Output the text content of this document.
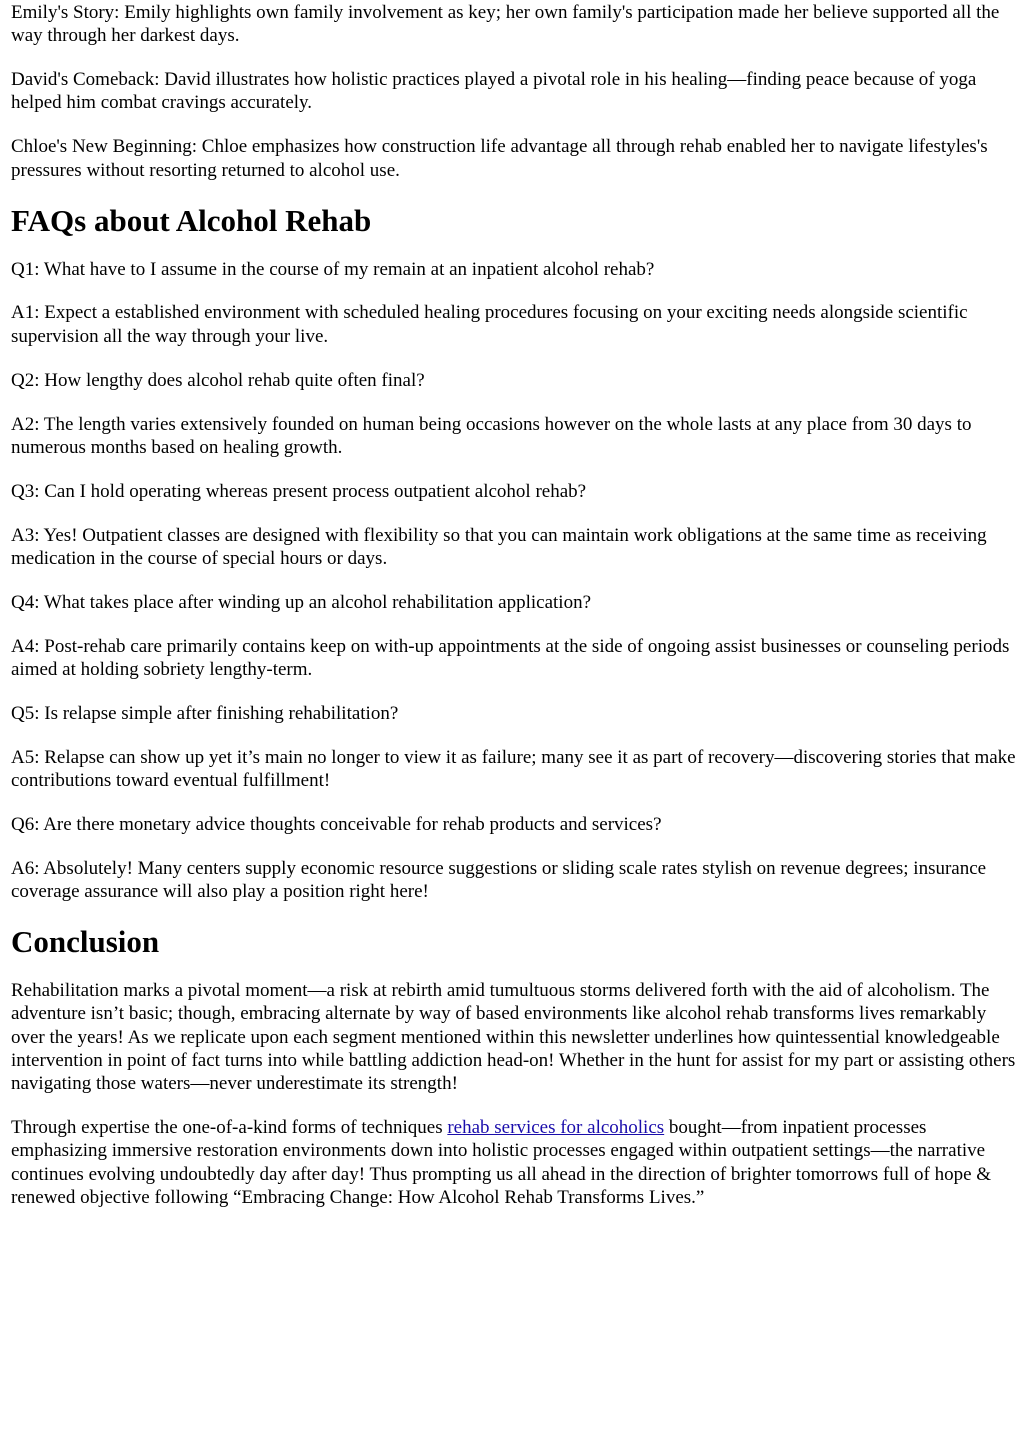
Emily's Story: Emily highlights own family involvement as key; her own family's participation made her believe supported all the way through her darkest days.

David's Comeback: David illustrates how holistic practices played a pivotal role in his healing—finding peace because of yoga helped him combat cravings accurately.

Chloe's New Beginning: Chloe emphasizes how construction life advantage all through rehab enabled her to navigate lifestyles's pressures without resorting returned to alcohol use.

FAQs about Alcohol Rehab

Q1: What have to I assume in the course of my remain at an inpatient alcohol rehab?

A1: Expect a established environment with scheduled healing procedures focusing on your exciting needs alongside scientific supervision all the way through your live.

Q2: How lengthy does alcohol rehab quite often final?

A2: The length varies extensively founded on human being occasions however on the whole lasts at any place from 30 days to numerous months based on healing growth.

Q3: Can I hold operating whereas present process outpatient alcohol rehab?

A3: Yes! Outpatient classes are designed with flexibility so that you can maintain work obligations at the same time as receiving medication in the course of special hours or days.

Q4: What takes place after winding up an alcohol rehabilitation application?

A4: Post-rehab care primarily contains keep on with-up appointments at the side of ongoing assist businesses or counseling periods aimed at holding sobriety lengthy-term.

Q5: Is relapse simple after finishing rehabilitation?

A5: Relapse can show up yet it’s main no longer to view it as failure; many see it as part of recovery—discovering stories that make contributions toward eventual fulfillment!

Q6: Are there monetary advice thoughts conceivable for rehab products and services?

A6: Absolutely! Many centers supply economic resource suggestions or sliding scale rates stylish on revenue degrees; insurance coverage assurance will also play a position right here!

Conclusion

Rehabilitation marks a pivotal moment—a risk at rebirth amid tumultuous storms delivered forth with the aid of alcoholism. The adventure isn’t basic; though, embracing alternate by way of based environments like alcohol rehab transforms lives remarkably over the years! As we replicate upon each segment mentioned within this newsletter underlines how quintessential knowledgeable intervention in point of fact turns into while battling addiction head-on! Whether in the hunt for assist for my part or assisting others navigating those waters—never underestimate its strength!

Through expertise the one-of-a-kind forms of techniques rehab services for alcoholics bought—from inpatient processes emphasizing immersive restoration environments down into holistic processes engaged within outpatient settings—the narrative continues evolving undoubtedly day after day! Thus prompting us all ahead in the direction of brighter tomorrows full of hope & renewed objective following “Embracing Change: How Alcohol Rehab Transforms Lives.”
